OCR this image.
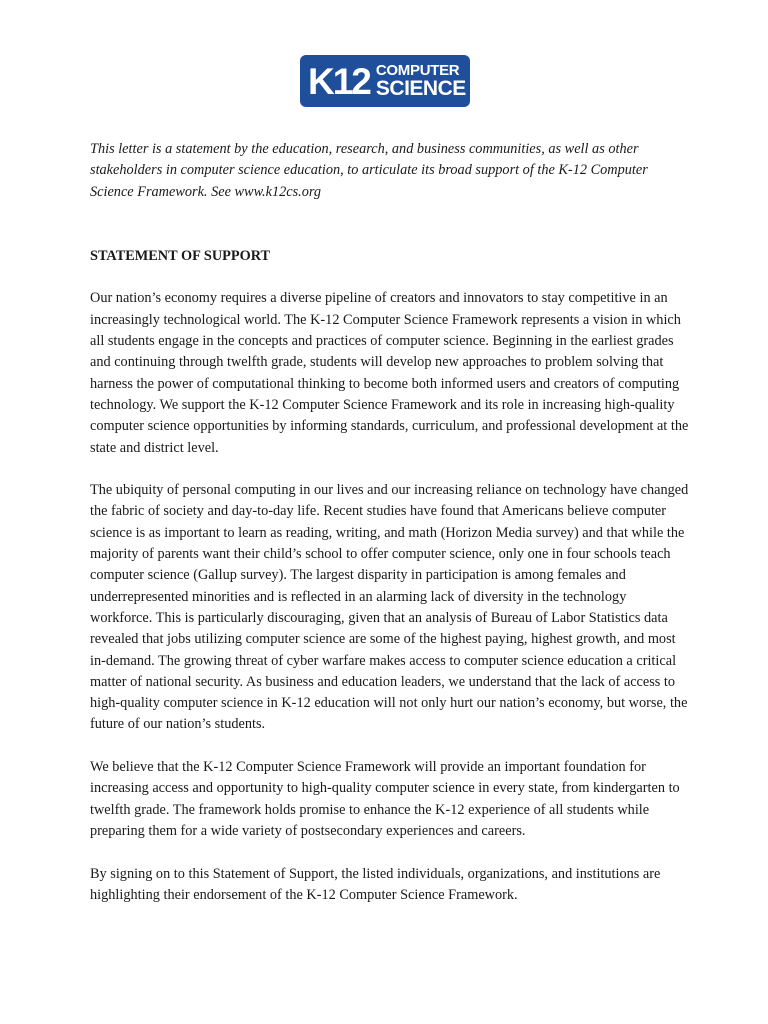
K12 COMPUTER
SCIENCE

This letter is a statement by the education, research, and business communities, as well as other stakeholders in computer science education, to articulate its broad support of the K-12 Computer Science Framework. See www.k12cs.org

STATEMENT OF SUPPORT

Our nation’s economy requires a diverse pipeline of creators and innovators to stay competitive in an increasingly technological world. The K-12 Computer Science Framework represents a vision in which all students engage in the concepts and practices of computer science. Beginning in the earliest grades and continuing through twelfth grade, students will develop new approaches to problem solving that harness the power of computational thinking to become both informed users and creators of computing technology. We support the K-12 Computer Science Framework and its role in increasing high-quality computer science opportunities by informing standards, curriculum, and professional development at the state and district level.

The ubiquity of personal computing in our lives and our increasing reliance on technology have changed the fabric of society and day-to-day life. Recent studies have found that Americans believe computer science is as important to learn as reading, writing, and math (Horizon Media survey) and that while the majority of parents want their child’s school to offer computer science, only one in four schools teach computer science (Gallup survey). The largest disparity in participation is among females and underrepresented minorities and is reflected in an alarming lack of diversity in the technology workforce. This is particularly discouraging, given that an analysis of Bureau of Labor Statistics data revealed that jobs utilizing computer science are some of the highest paying, highest growth, and most in-demand. The growing threat of cyber warfare makes access to computer science education a critical matter of national security. As business and education leaders, we understand that the lack of access to high-quality computer science in K-12 education will not only hurt our nation’s economy, but worse, the future of our nation’s students.

We believe that the K-12 Computer Science Framework will provide an important foundation for increasing access and opportunity to high-quality computer science in every state, from kindergarten to twelfth grade. The framework holds promise to enhance the K-12 experience of all students while preparing them for a wide variety of postsecondary experiences and careers.

By signing on to this Statement of Support, the listed individuals, organizations, and institutions are highlighting their endorsement of the K-12 Computer Science Framework.
